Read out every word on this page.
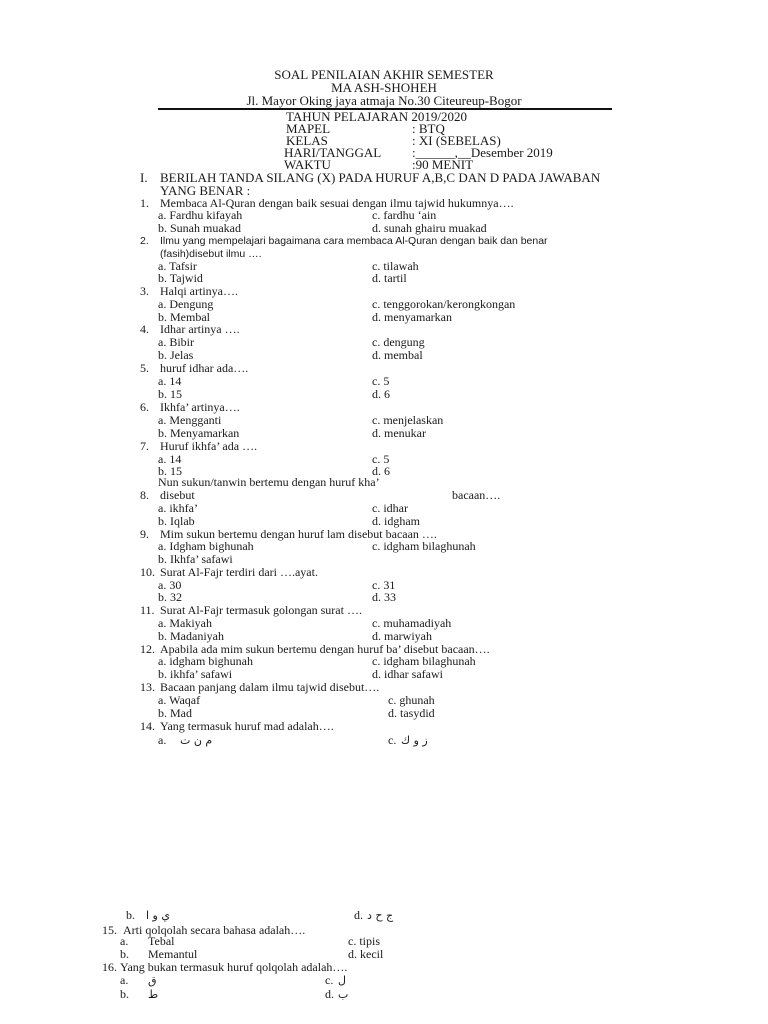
SOAL PENILAIAN AKHIR SEMESTER
MA ASH-SHOHEH
Jl. Mayor Oking jaya atmaja No.30 Citeureup-Bogor
TAHUN PELAJARAN 2019/2020
MAPEL	: BTQ
KELAS	: XI (SEBELAS)
HARI/TANGGAL :______,__Desember 2019
WAKTU	:90 MENIT
I. BERILAH TANDA SILANG (X) PADA HURUF A,B,C DAN D PADA JAWABAN
YANG BENAR :
1. Membaca Al-Quran dengan baik sesuai dengan ilmu tajwid hukumnya….
a. Fardhu kifayah	c. fardhu ‘ain
b. Sunah muakad	d. sunah ghairu muakad
2. Ilmu yang mempelajari bagaimana cara membaca Al-Quran dengan baik dan benar
(fasih)disebut ilmu ….
a. Tafsir	c. tilawah
b. Tajwid	d. tartil
3. Halqi artinya….
a. Dengung	c. tenggorokan/kerongkongan
b. Membal	d. menyamarkan
4. Idhar artinya ….
a. Bibir	c. dengung
b. Jelas	d. membal
5. huruf idhar ada….
a. 14	c. 5
b. 15	d. 6
6. Ikhfa’ artinya….
a. Mengganti	c. menjelaskan
b. Menyamarkan	d. menukar
7. Huruf ikhfa’ ada ….
a. 14	c. 5
b. 15	d. 6
Nun sukun/tanwin bertemu dengan huruf kha’
8. disebut	bacaan….
a. ikhfa’	c. idhar
b. Iqlab	d. idgham
9. Mim sukun bertemu dengan huruf lam disebut bacaan ….
a. Idgham bighunah	c. idgham bilaghunah
b. Ikhfa’ safawi
10. Surat Al-Fajr terdiri dari ….ayat.
a. 30	c. 31
b. 32	d. 33
11. Surat Al-Fajr termasuk golongan surat ….
a. Makiyah	c. muhamadiyah
b. Madaniyah	d. marwiyah
12. Apabila ada mim sukun bertemu dengan huruf ba’ disebut bacaan….
a. idgham bighunah	c. idgham bilaghunah
b. ikhfa’ safawi	d. idhar safawi
13. Bacaan panjang dalam ilmu tajwid disebut….
a. Waqaf	c. ghunah
b. Mad	d. tasydid
14. Yang termasuk huruf mad adalah….
a. م ن ت	c. ز و ك
b. ي و ا	d. ج ح د
15. Arti qolqolah secara bahasa adalah….
a. Tebal	c. tipis
b. Memantul	d. kecil
16. Yang bukan termasuk huruf qolqolah adalah….
a. ق	c. ل
b. ط	d. ب
